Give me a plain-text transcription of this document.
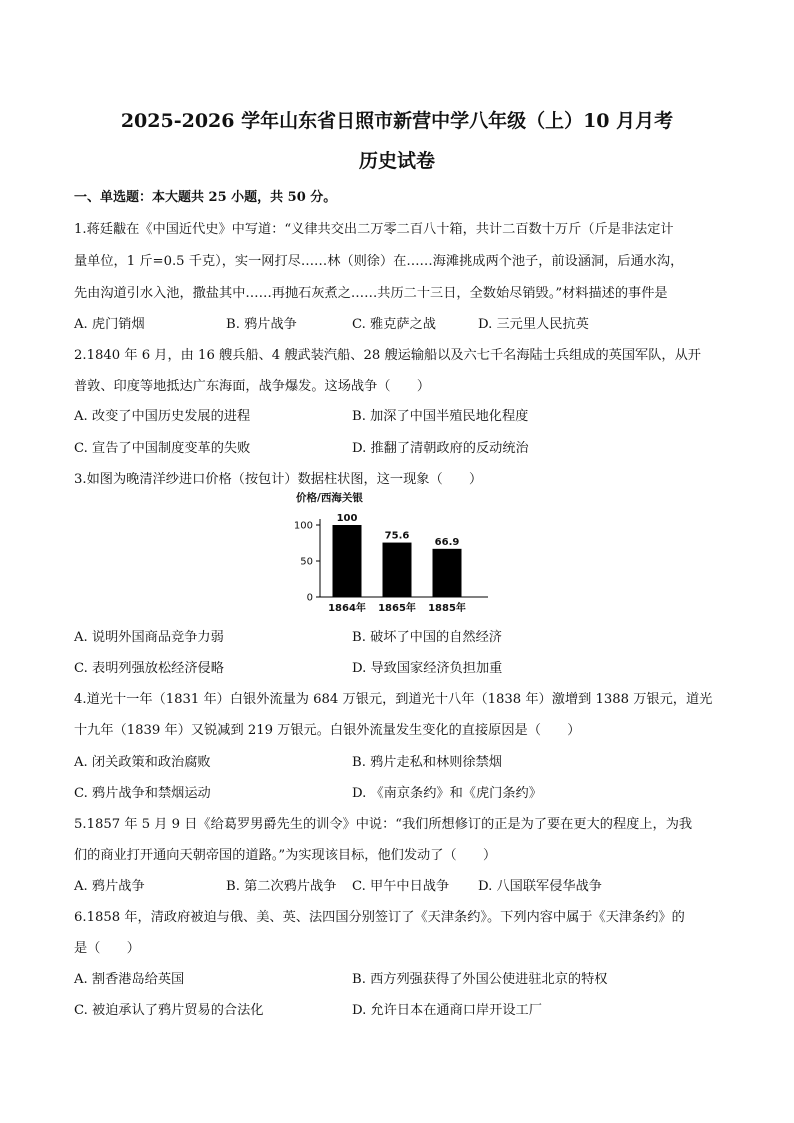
2025-2026 学年山东省日照市新营中学八年级（上）10 月月考
历史试卷
一、单选题：本大题共 25 小题，共 50 分。
1.蒋廷黻在《中国近代史》中写道：“义律共交出二万零二百八十箱，共计二百数十万斤（斤是非法定计
量单位，1 斤=0.5 千克），实一网打尽……林（则徐）在……海滩挑成两个池子，前设涵洞，后通水沟，
先由沟道引水入池，撒盐其中……再抛石灰煮之……共历二十三日，全数始尽销毁。”材料描述的事件是
A. 虎门销烟	B. 鸦片战争	C. 雅克萨之战	D. 三元里人民抗英
2.1840 年 6 月，由 16 艘兵船、4 艘武装汽船、28 艘运输船以及六七千名海陆士兵组成的英国军队，从开
普敦、印度等地抵达广东海面，战争爆发。这场战争（　　）
A. 改变了中国历史发展的进程	B. 加深了中国半殖民地化程度
C. 宣告了中国制度变革的失败	D. 推翻了清朝政府的反动统治
3.如图为晚清洋纱进口价格（按包计）数据柱状图，这一现象（　　）
价格/西海关银
0
50
100
100
1864年
75.6
1865年
66.9
1885年
A. 说明外国商品竞争力弱	B. 破坏了中国的自然经济
C. 表明列强放松经济侵略	D. 导致国家经济负担加重
4.道光十一年（1831 年）白银外流量为 684 万银元，到道光十八年（1838 年）激增到 1388 万银元，道光
十九年（1839 年）又锐减到 219 万银元。白银外流量发生变化的直接原因是（　　）
A. 闭关政策和政治腐败	B. 鸦片走私和林则徐禁烟
C. 鸦片战争和禁烟运动	D. 《南京条约》和《虎门条约》
5.1857 年 5 月 9 日《给葛罗男爵先生的训令》中说：“我们所想修订的正是为了要在更大的程度上，为我
们的商业打开通向天朝帝国的道路。”为实现该目标，他们发动了（　　）
A. 鸦片战争	B. 第二次鸦片战争 C. 甲午中日战争 D. 八国联军侵华战争
6.1858 年，清政府被迫与俄、美、英、法四国分别签订了《天津条约》。下列内容中属于《天津条约》的
是（　　）
A. 割香港岛给英国	B. 西方列强获得了外国公使进驻北京的特权
C. 被迫承认了鸦片贸易的合法化	D. 允许日本在通商口岸开设工厂
